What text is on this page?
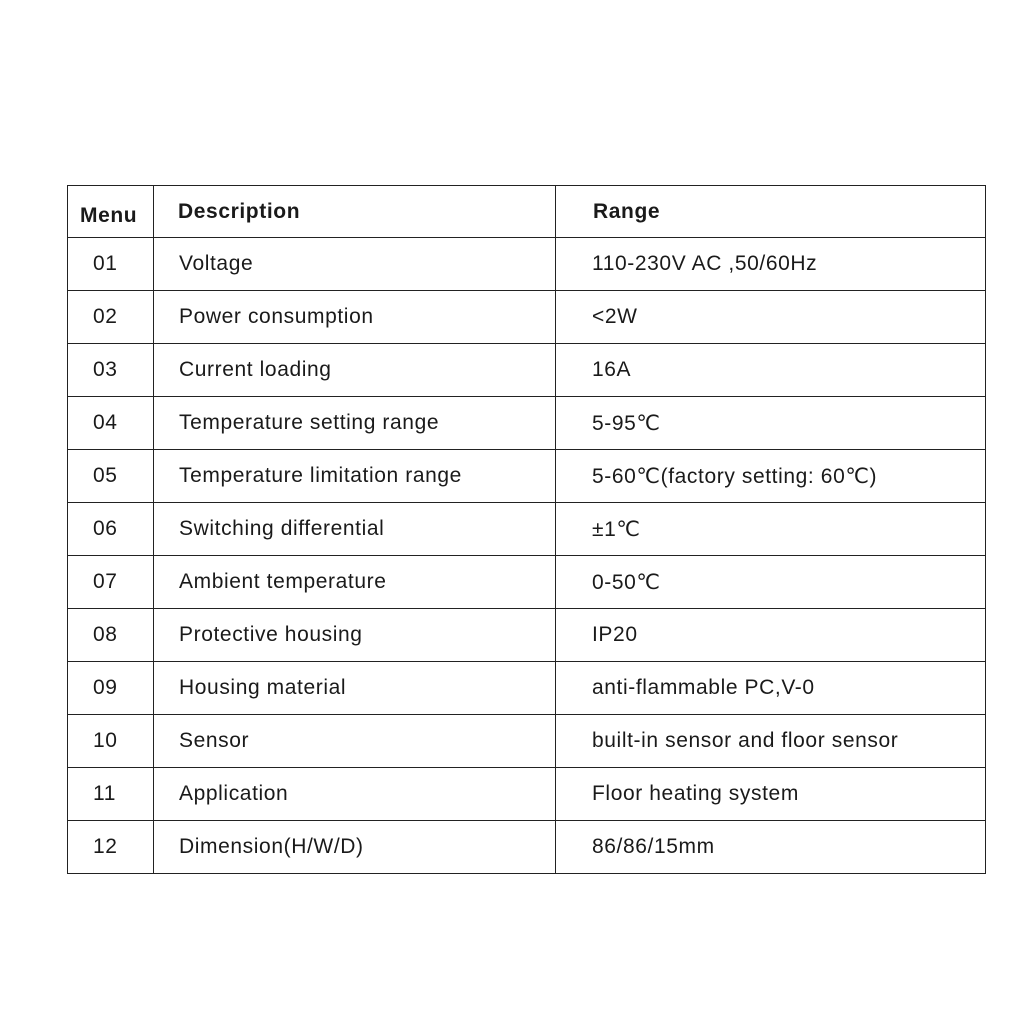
Menu	Description	Range
01	Voltage	110-230V AC ,50/60Hz
02	Power consumption	<2W
03	Current loading	16A
04	Temperature setting range	5-95℃
05	Temperature limitation range	5-60℃(factory setting: 60℃)
06	Switching differential	±1℃
07	Ambient temperature	0-50℃
08	Protective housing	IP20
09	Housing material	anti-flammable PC,V-0
10	Sensor	built-in sensor and floor sensor
11	Application	Floor heating system
12	Dimension(H/W/D)	86/86/15mm
